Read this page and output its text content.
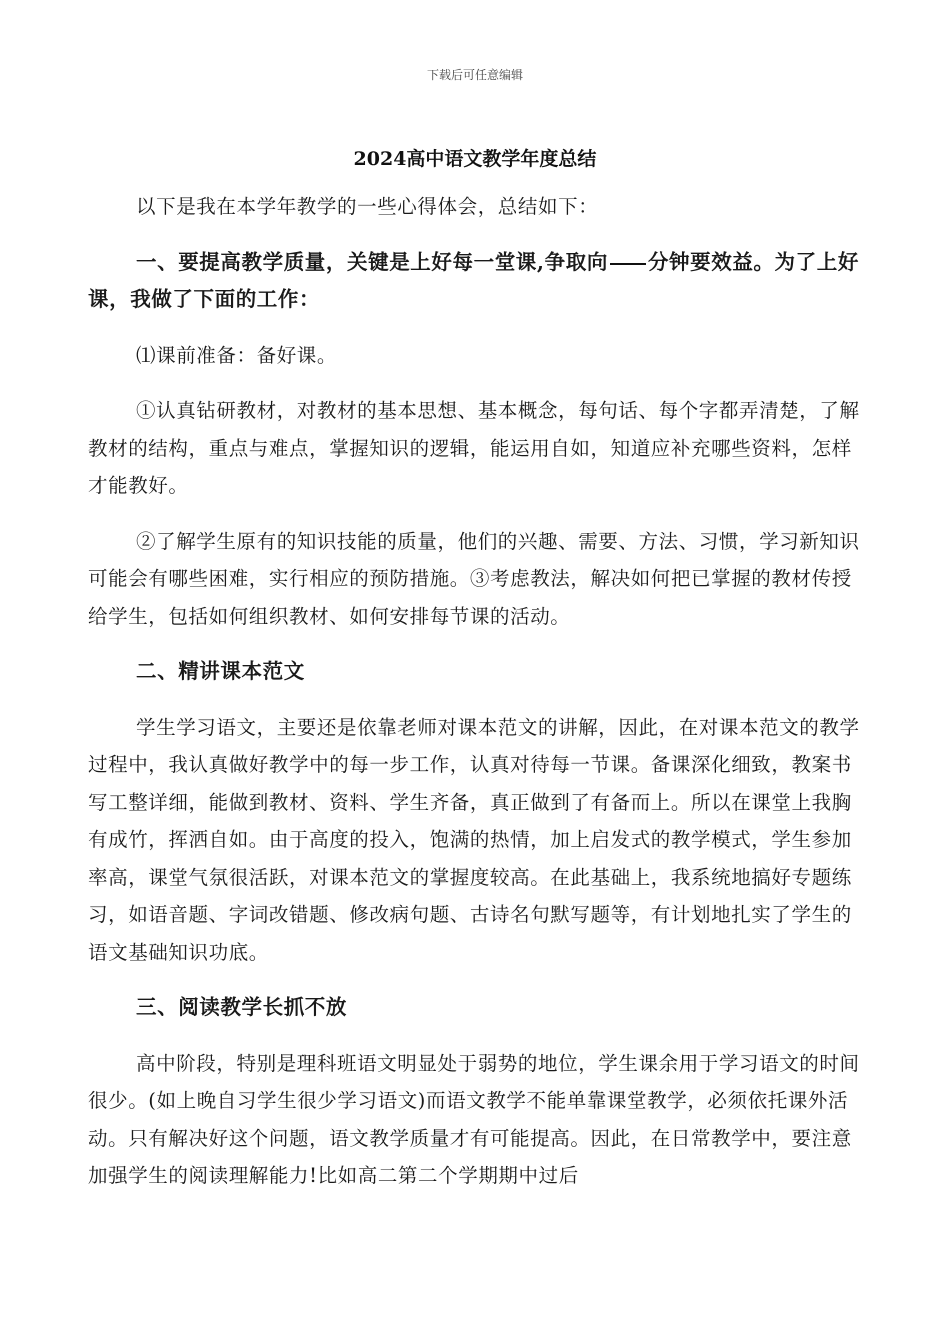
下载后可任意编辑
2024高中语文教学年度总结

以下是我在本学年教学的一些心得体会，总结如下：

一、要提高教学质量，关键是上好每一堂课,争取向 分钟要效益。为了上好课，我做了下面的工作：

⑴课前准备：备好课。

①认真钻研教材，对教材的基本思想、基本概念，每句话、每个字都弄清楚，了解教材的结构，重点与难点，掌握知识的逻辑，能运用自如，知道应补充哪些资料，怎样才能教好。

②了解学生原有的知识技能的质量，他们的兴趣、需要、方法、习惯，学习新知识可能会有哪些困难，实行相应的预防措施。③考虑教法，解决如何把已掌握的教材传授给学生，包括如何组织教材、如何安排每节课的活动。

二、精讲课本范文

学生学习语文，主要还是依靠老师对课本范文的讲解，因此，在对课本范文的教学过程中，我认真做好教学中的每一步工作，认真对待每一节课。备课深化细致，教案书写工整详细，能做到教材、资料、学生齐备，真正做到了有备而上。所以在课堂上我胸有成竹，挥洒自如。由于高度的投入，饱满的热情，加上启发式的教学模式，学生参加率高，课堂气氛很活跃，对课本范文的掌握度较高。在此基础上，我系统地搞好专题练习，如语音题、字词改错题、修改病句题、古诗名句默写题等，有计划地扎实了学生的语文基础知识功底。

三、阅读教学长抓不放

高中阶段，特别是理科班语文明显处于弱势的地位，学生课余用于学习语文的时间很少。(如上晚自习学生很少学习语文)而语文教学不能单靠课堂教学，必须依托课外活动。只有解决好这个问题，语文教学质量才有可能提高。因此，在日常教学中，要注意加强学生的阅读理解能力!比如高二第二个学期期中过后
